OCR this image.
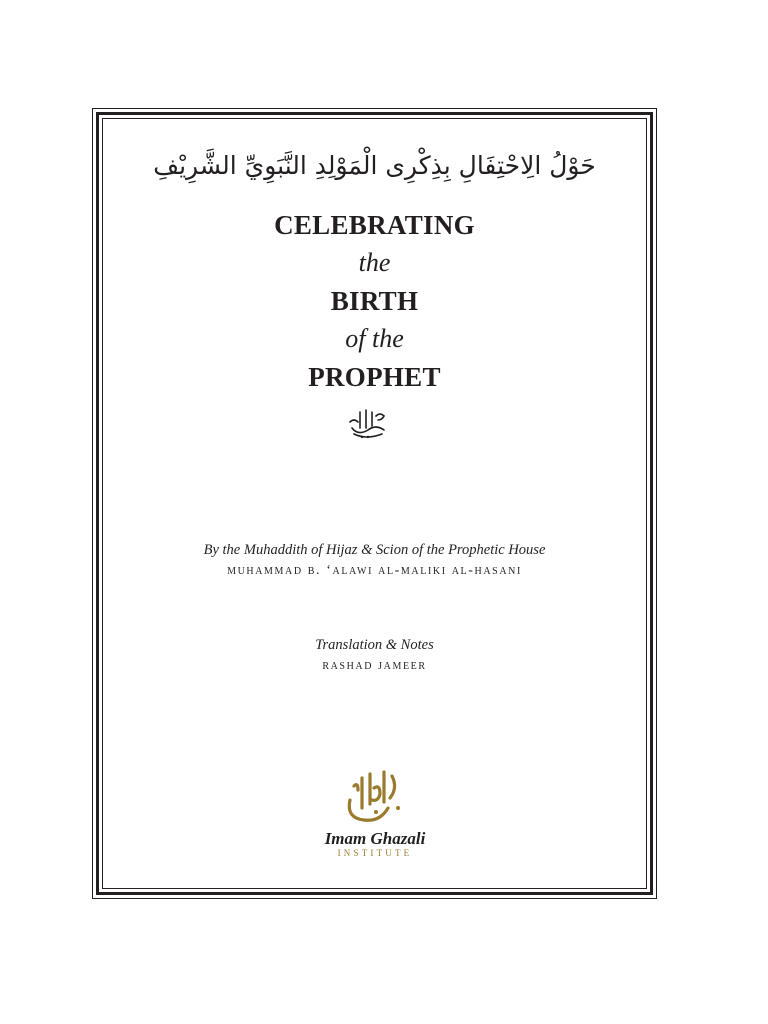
حَوْلُ الِاحْتِفَالِ بِذِكْرِى الْمَوْلِدِ النَّبَوِيِّ الشَّرِيْفِ
CELEBRATING
the
BIRTH
of the
PROPHET
By the Muhaddith of Hijaz & Scion of the Prophetic House
muhammad b. ‘alawi al-maliki al-hasani
Translation & Notes
rashad jameer
Imam Ghazali
INSTITUTE
